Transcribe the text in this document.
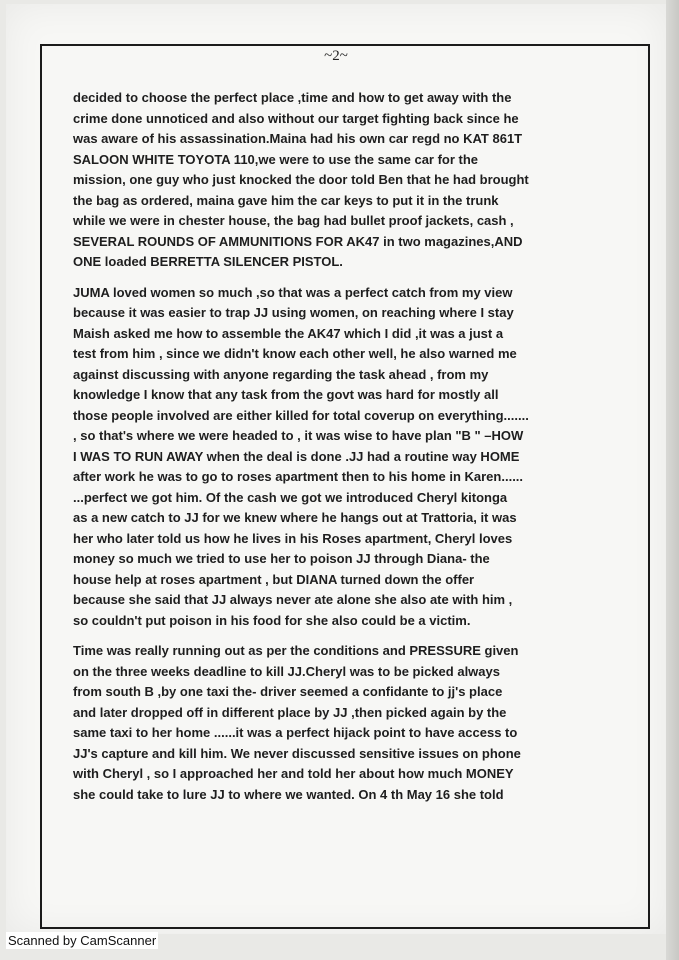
~2~
decided to choose the perfect place ,time and how to get away with the
crime done unnoticed and also without our target fighting back since he
was aware of his assassination.Maina had his own car regd no KAT 861T
SALOON WHITE TOYOTA 110,we were to use the same car for the
mission, one guy who just knocked the door told Ben that he had brought
the bag as ordered, maina gave him the car keys to put it in the trunk
while we were in chester house, the bag had bullet proof jackets, cash ,
SEVERAL ROUNDS OF AMMUNITIONS FOR AK47 in two magazines,AND
ONE loaded BERRETTA SILENCER PISTOL.
JUMA loved women so much ,so that was a perfect catch from my view
because it was easier to trap JJ using women, on reaching where I stay
Maish asked me how to assemble the AK47 which I did ,it was a just a
test from him , since we didn't know each other well, he also warned me
against discussing with anyone regarding the task ahead , from my
knowledge I know that any task from the govt was hard for mostly all
those people involved are either killed for total coverup on everything.......
, so that's where we were headed to , it was wise to have plan "B " –HOW
I WAS TO RUN AWAY when the deal is done .JJ had a routine way HOME
after work he was to go to roses apartment then to his home in Karen......
...perfect we got him. Of the cash we got we introduced Cheryl kitonga
as a new catch to JJ for we knew where he hangs out at Trattoria, it was
her who later told us how he lives in his Roses apartment, Cheryl loves
money so much we tried to use her to poison JJ through Diana- the
house help at roses apartment , but DIANA turned down the offer
because she said that JJ always never ate alone she also ate with him ,
so couldn't put poison in his food for she also could be a victim.
Time was really running out as per the conditions and PRESSURE given
on the three weeks deadline to kill JJ.Cheryl was to be picked always
from south B ,by one taxi the- driver seemed a confidante to jj's place
and later dropped off in different place by JJ ,then picked again by the
same taxi to her home ......it was a perfect hijack point to have access to
JJ's capture and kill him. We never discussed sensitive issues on phone
with Cheryl , so I approached her and told her about how much MONEY
she could take to lure JJ to where we wanted. On 4 th May 16 she told
Scanned by CamScanner
